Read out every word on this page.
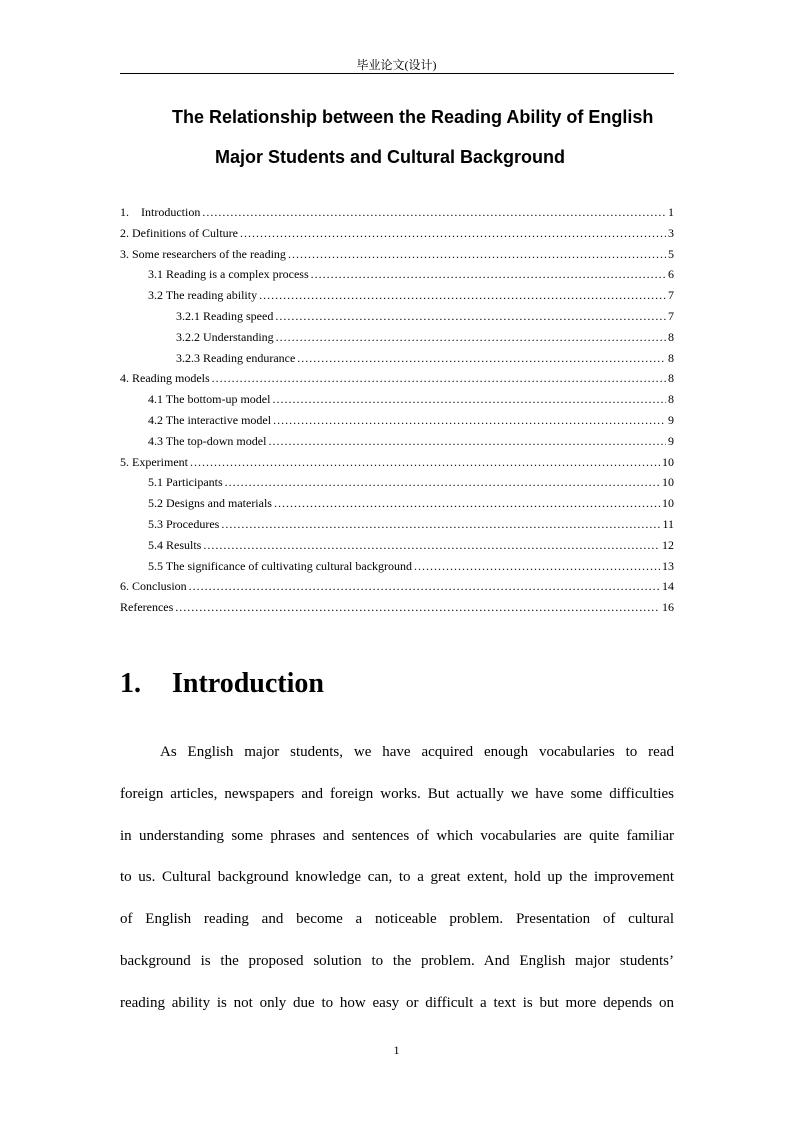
毕业论文(设计)
The Relationship between the Reading Ability of English
Major Students and Cultural Background
1.    Introduction .....	1
2. Definitions of Culture .....	3
3. Some researchers of the reading .....	5
3.1 Reading is a complex process .....	6
3.2 The reading ability .....	7
3.2.1 Reading speed .....	7
3.2.2 Understanding .....	8
3.2.3 Reading endurance .....	8
4. Reading models .....	8
4.1 The bottom-up model .....	8
4.2 The interactive model .....	9
4.3 The top-down model .....	9
5. Experiment .....	10
5.1 Participants .....	10
5.2 Designs and materials .....	10
5.3 Procedures .....	11
5.4 Results .....	12
5.5 The significance of cultivating cultural background .....	13
6. Conclusion .....	14
References .....	16
1. Introduction
As English major students, we have acquired enough vocabularies to read
foreign articles, newspapers and foreign works. But actually we have some difficulties
in understanding some phrases and sentences of which vocabularies are quite familiar
to us. Cultural background knowledge can, to a great extent, hold up the improvement
of English reading and become a noticeable problem. Presentation of cultural
background is the proposed solution to the problem. And English major students’
reading ability is not only due to how easy or difficult a text is but more depends on
1
